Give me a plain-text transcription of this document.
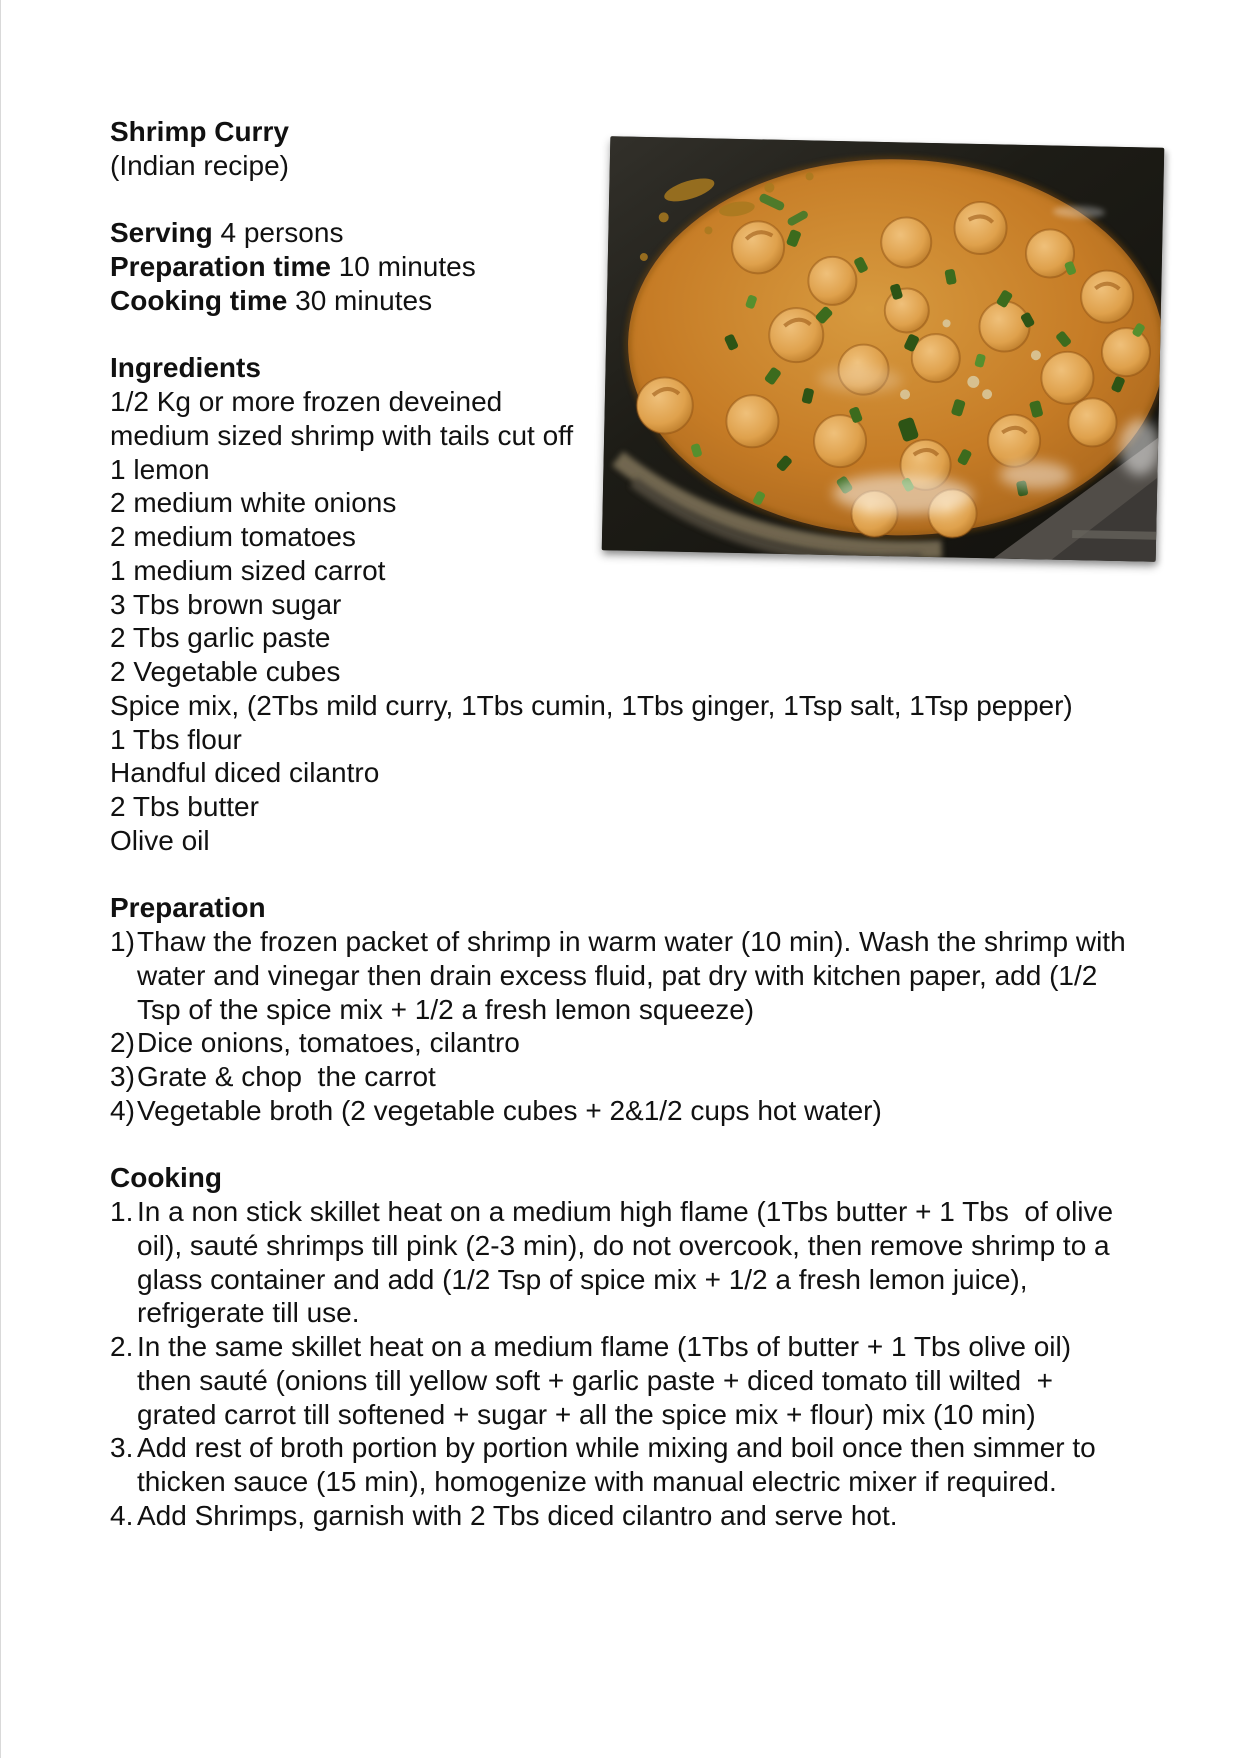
Shrimp Curry
(Indian recipe)
Serving 4 persons
Preparation time 10 minutes
Cooking time 30 minutes
Ingredients
1/2 Kg or more frozen deveined
medium sized shrimp with tails cut off
1 lemon
2 medium white onions
2 medium tomatoes
1 medium sized carrot
3 Tbs brown sugar
2 Tbs garlic paste
2 Vegetable cubes
Spice mix, (2Tbs mild curry, 1Tbs cumin, 1Tbs ginger, 1Tsp salt, 1Tsp pepper)
1 Tbs flour
Handful diced cilantro
2 Tbs butter
Olive oil
Preparation
1) Thaw the frozen packet of shrimp in warm water (10 min). Wash the shrimp with
water and vinegar then drain excess fluid, pat dry with kitchen paper, add (1/2
Tsp of the spice mix + 1/2 a fresh lemon squeeze)
2) Dice onions, tomatoes, cilantro
3) Grate & chop  the carrot
4) Vegetable broth (2 vegetable cubes + 2&1/2 cups hot water)
Cooking
1. In a non stick skillet heat on a medium high flame (1Tbs butter + 1 Tbs  of olive
oil), sauté shrimps till pink (2-3 min), do not overcook, then remove shrimp to a
glass container and add (1/2 Tsp of spice mix + 1/2 a fresh lemon juice),
refrigerate till use.
2. In the same skillet heat on a medium flame (1Tbs of butter + 1 Tbs olive oil)
then sauté (onions till yellow soft + garlic paste + diced tomato till wilted  +
grated carrot till softened + sugar + all the spice mix + flour) mix (10 min)
3. Add rest of broth portion by portion while mixing and boil once then simmer to
thicken sauce (15 min), homogenize with manual electric mixer if required.
4. Add Shrimps, garnish with 2 Tbs diced cilantro and serve hot.
